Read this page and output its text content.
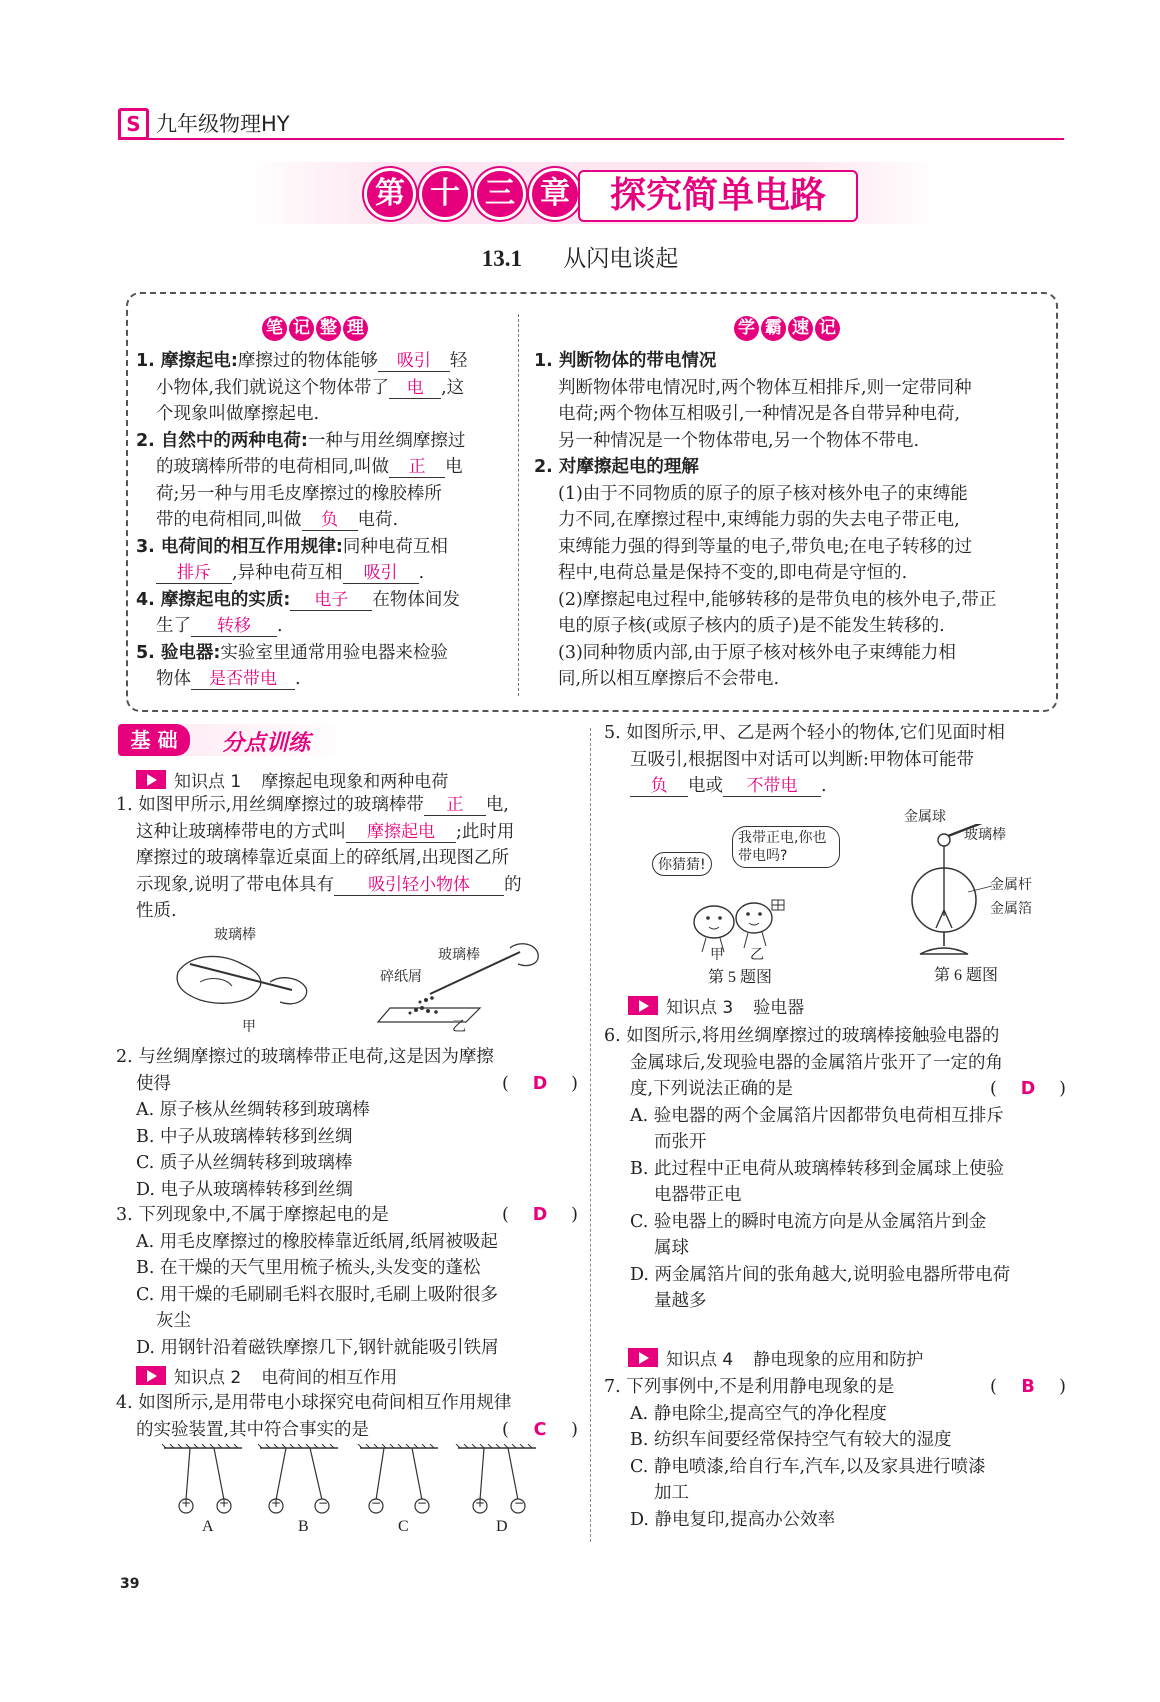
S 九年级物理HY
第 十 三 章	探究简单电路
13.1 从闪电谈起
笔 记 整 理	学 霸 速 记

1. 摩擦起电:摩擦过的物体能够 吸引 轻

小物体,我们就说这个物体带了 电 ,这

个现象叫做摩擦起电.

2. 自然中的两种电荷:一种与用丝绸摩擦过

的玻璃棒所带的电荷相同,叫做 正 电

荷;另一种与用毛皮摩擦过的橡胶棒所

带的电荷相同,叫做 负 电荷.

3. 电荷间的相互作用规律:同种电荷互相

排斥 ,异种电荷互相 吸引 .

4. 摩擦起电的实质: 电子 在物体间发

生了 转移 .

5. 验电器:实验室里通常用验电器来检验

物体 是否带电 .

1. 判断物体的带电情况

判断物体带电情况时,两个物体互相排斥,则一定带同种

电荷;两个物体互相吸引,一种情况是各自带异种电荷,

另一种情况是一个物体带电,另一个物体不带电.

2. 对摩擦起电的理解

(1)由于不同物质的原子的原子核对核外电子的束缚能

力不同,在摩擦过程中,束缚能力弱的失去电子带正电,

束缚能力强的得到等量的电子,带负电;在电子转移的过

程中,电荷总量是保持不变的,即电荷是守恒的.

(2)摩擦起电过程中,能够转移的是带负电的核外电子,带正

电的原子核(或原子核内的质子)是不能发生转移的.

(3)同种物质内部,由于原子核对核外电子束缚能力相

同,所以相互摩擦后不会带电.

基 础	分点训练
知识点 1 摩擦起电现象和两种电荷

1. 如图甲所示,用丝绸摩擦过的玻璃棒带 正 电,

这种让玻璃棒带电的方式叫 摩擦起电 ;此时用

摩擦过的玻璃棒靠近桌面上的碎纸屑,出现图乙所

示现象,说明了带电体具有 吸引轻小物体 的

性质.

玻璃棒
甲
玻璃棒
碎纸屑
乙

2. 与丝绸摩擦过的玻璃棒带正电荷,这是因为摩擦

使得	( D )

A. 原子核从丝绸转移到玻璃棒

B. 中子从玻璃棒转移到丝绸

C. 质子从丝绸转移到玻璃棒

D. 电子从玻璃棒转移到丝绸

3. 下列现象中,不属于摩擦起电的是	( D )

A. 用毛皮摩擦过的橡胶棒靠近纸屑,纸屑被吸起

B. 在干燥的天气里用梳子梳头,头发变的蓬松

C. 用干燥的毛刷刷毛料衣服时,毛刷上吸附很多

灰尘

D. 用钢针沿着磁铁摩擦几下,钢针就能吸引铁屑

知识点 2 电荷间的相互作用

4. 如图所示,是用带电小球探究电荷间相互作用规律

的实验装置,其中符合事实的是	( C )

+ +
A
+	−
B
−	−
C
+ −
D

5. 如图所示,甲、乙是两个轻小的物体,它们见面时相

互吸引,根据图中对话可以判断:甲物体可能带

负 电或 不带电 .

你猜猜!
我带正电,你也带电吗?
甲 乙
第 5 题图
金属球
玻璃棒
金属杆
金属箔
第 6 题图
知识点 3 验电器

6. 如图所示,将用丝绸摩擦过的玻璃棒接触验电器的

金属球后,发现验电器的金属箔片张开了一定的角

度,下列说法正确的是	( D )

A. 验电器的两个金属箔片因都带负电荷相互排斥

而张开

B. 此过程中正电荷从玻璃棒转移到金属球上使验

电器带正电

C. 验电器上的瞬时电流方向是从金属箔片到金

属球

D. 两金属箔片间的张角越大,说明验电器所带电荷

量越多

知识点 4 静电现象的应用和防护

7. 下列事例中,不是利用静电现象的是	( B )

A. 静电除尘,提高空气的净化程度

B. 纺织车间要经常保持空气有较大的湿度

C. 静电喷漆,给自行车,汽车,以及家具进行喷漆

加工

D. 静电复印,提高办公效率

39
